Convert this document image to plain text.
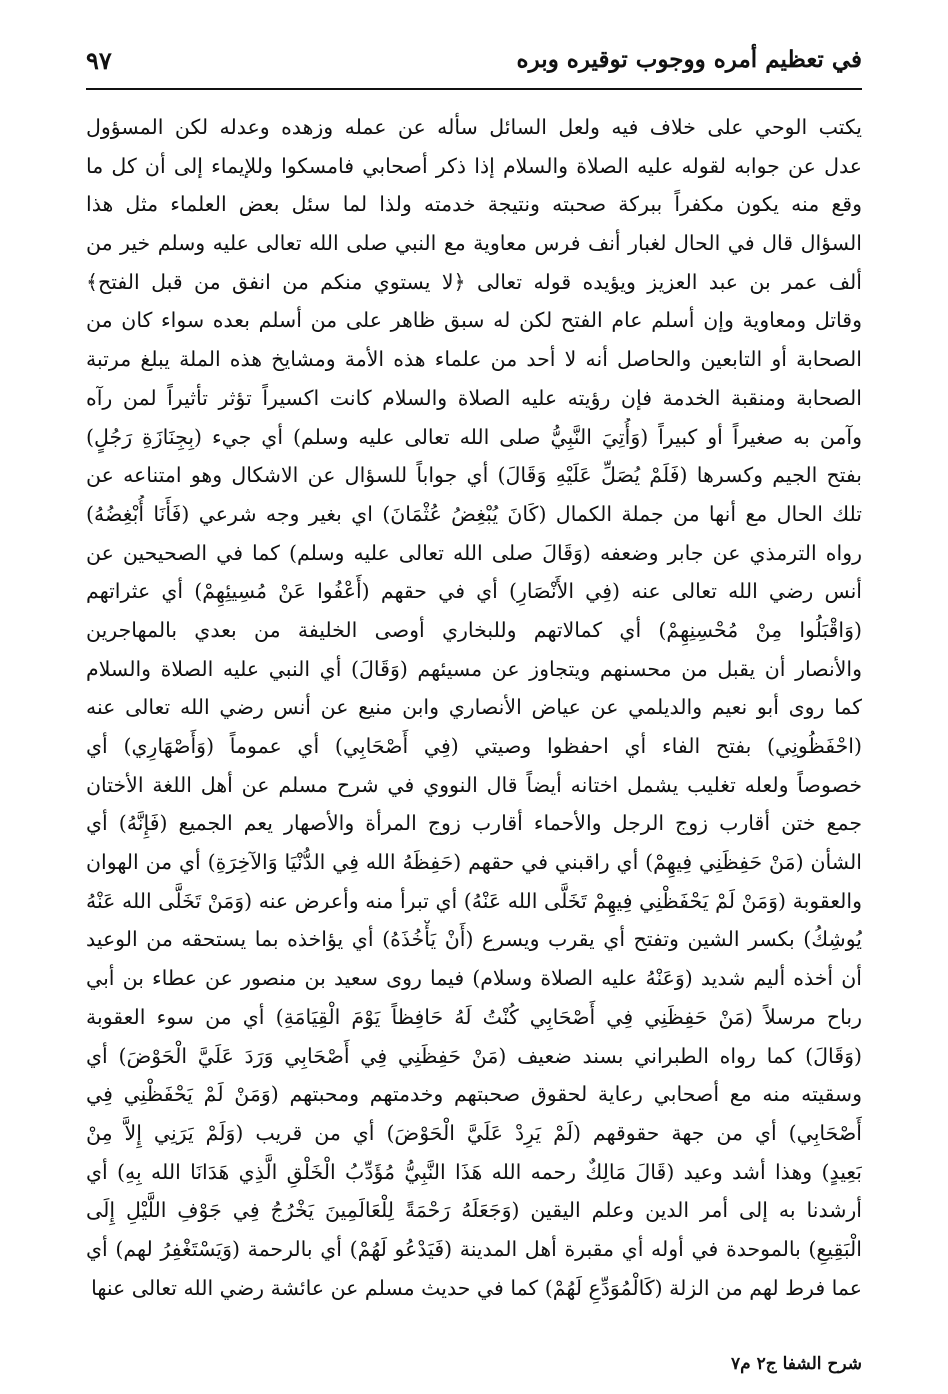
في تعظيم أمره ووجوب توقيره وبره
٩٧
يكتب الوحي على خلاف فيه ولعل السائل سأله عن عمله وزهده وعدله لكن المسؤول
عدل عن جوابه لقوله عليه الصلاة والسلام إذا ذكر أصحابي فامسكوا وللإيماء إلى أن كل ما
وقع منه يكون مكفراً ببركة صحبته ونتيجة خدمته ولذا لما سئل بعض العلماء مثل هذا
السؤال قال في الحال لغبار أنف فرس معاوية مع النبي صلى الله تعالى عليه وسلم خير من
ألف عمر بن عبد العزيز ويؤيده قوله تعالى ﴿لا يستوي منكم من انفق من قبل الفتح﴾
وقاتل ومعاوية وإن أسلم عام الفتح لكن له سبق ظاهر على من أسلم بعده سواء كان من
الصحابة أو التابعين والحاصل أنه لا أحد من علماء هذه الأمة ومشايخ هذه الملة يبلغ مرتبة
الصحابة ومنقبة الخدمة فإن رؤيته عليه الصلاة والسلام كانت اكسيراً تؤثر تأثيراً لمن رآه
وآمن به صغيراً أو كبيراً (وَأُتِيَ النَّبِيُّ صلى الله تعالى عليه وسلم) أي جيء (بِجِنَازَةِ رَجُلٍ)
بفتح الجيم وكسرها (فَلَمْ يُصَلِّ عَلَيْهِ وَقَالَ) أي جواباً للسؤال عن الاشكال وهو امتناعه عن
تلك الحال مع أنها من جملة الكمال (كَانَ يُبْغِضُ عُثْمَانَ) اي بغير وجه شرعي (فَأَنَا أُبْغِضُهُ)
رواه الترمذي عن جابر وضعفه (وَقَالَ صلى الله تعالى عليه وسلم) كما في الصحيحين عن
أنس رضي الله تعالى عنه (فِي الأَنْصَارِ) أي في حقهم (أَعْفُوا عَنْ مُسِيئِهِمْ) أي عثراتهم
(وَاقْبَلُوا مِنْ مُحْسِنِهِمْ) أي كمالاتهم وللبخاري أوصى الخليفة من بعدي بالمهاجرين
والأنصار أن يقبل من محسنهم ويتجاوز عن مسيئهم (وَقَالَ) أي النبي عليه الصلاة والسلام
كما روى أبو نعيم والديلمي عن عياض الأنصاري وابن منيع عن أنس رضي الله تعالى عنه
(احْفَظُونِي) بفتح الفاء أي احفظوا وصيتي (فِي أَصْحَابِي) أي عموماً (وَأَصْهَارِي) أي
خصوصاً ولعله تغليب يشمل اختانه أيضاً قال النووي في شرح مسلم عن أهل اللغة الأختان
جمع ختن أقارب زوج الرجل والأحماء أقارب زوج المرأة والأصهار يعم الجميع (فَإِنَّهُ) أي
الشأن (مَنْ حَفِظَنِي فِيهِمْ) أي راقبني في حقهم (حَفِظَهُ الله فِي الدُّنْيَا وَالآخِرَةِ) أي من الهوان
والعقوبة (وَمَنْ لَمْ يَحْفَظْنِي فِيهِمْ تَخَلَّى الله عَنْهُ) أي تبرأ منه وأعرض عنه (وَمَنْ تَخَلَّى الله عَنْهُ
يُوشِكُ) بكسر الشين وتفتح أي يقرب ويسرع (أَنْ يَأْخُذَهُ) أي يؤاخذه بما يستحقه من الوعيد
أن أخذه أليم شديد (وَعَنْهُ عليه الصلاة وسلام) فيما روى سعيد بن منصور عن عطاء بن أبي
رباح مرسلاً (مَنْ حَفِظَنِي فِي أَصْحَابِي كُنْتُ لَهُ حَافِظاً يَوْمَ الْقِيَامَةِ) أي من سوء العقوبة
(وَقَالَ) كما رواه الطبراني بسند ضعيف (مَنْ حَفِظَنِي فِي أَصْحَابِي وَرَدَ عَلَيَّ الْحَوْضَ) أي
وسقيته منه مع أصحابي رعاية لحقوق صحبتهم وخدمتهم ومحبتهم (وَمَنْ لَمْ يَحْفَظْنِي فِي
أَصْحَابِي) أي من جهة حقوقهم (لَمْ يَرِدْ عَلَيَّ الْحَوْضَ) أي من قريب (وَلَمْ يَرَنِي إِلاَّ مِنْ
بَعِيدٍ) وهذا أشد وعيد (قَالَ مَالِكٌ رحمه الله هَذَا النَّبِيُّ مُؤَدِّبُ الْخَلْقِ الَّذِي هَدَانَا الله بِهِ) أي
أرشدنا به إلى أمر الدين وعلم اليقين (وَجَعَلَهُ رَحْمَةً لِلْعَالَمِينَ يَخْرُجُ فِي جَوْفِ اللَّيْلِ إِلَى
الْبَقِيعِ) بالموحدة في أوله أي مقبرة أهل المدينة (فَيَدْعُو لَهُمْ) أي بالرحمة (وَيَسْتَغْفِرُ لهم) أي
عما فرط لهم من الزلة (كَالْمُوَدِّعِ لَهُمْ) كما في حديث مسلم عن عائشة رضي الله تعالى عنها
شرح الشفا ج٢ م٧
